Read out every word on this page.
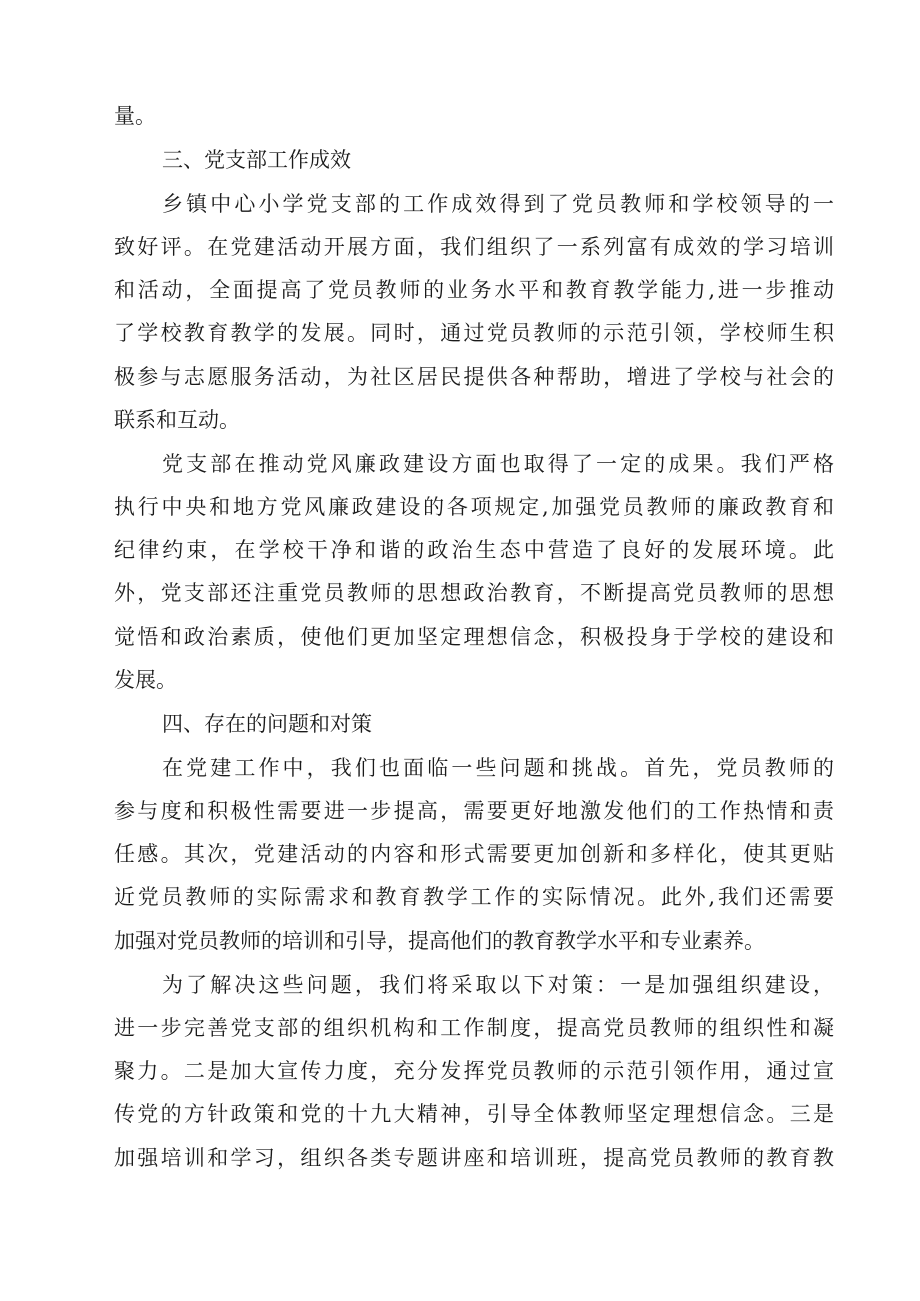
量。
三、党支部工作成效
乡镇中心小学党支部的工作成效得到了党员教师和学校领导的一
致好评。在党建活动开展方面，我们组织了一系列富有成效的学习培训
和活动，全面提高了党员教师的业务水平和教育教学能力,进一步推动
了学校教育教学的发展。同时，通过党员教师的示范引领，学校师生积
极参与志愿服务活动，为社区居民提供各种帮助，增进了学校与社会的
联系和互动。
党支部在推动党风廉政建设方面也取得了一定的成果。我们严格
执行中央和地方党风廉政建设的各项规定,加强党员教师的廉政教育和
纪律约束，在学校干净和谐的政治生态中营造了良好的发展环境。此
外，党支部还注重党员教师的思想政治教育，不断提高党员教师的思想
觉悟和政治素质，使他们更加坚定理想信念，积极投身于学校的建设和
发展。
四、存在的问题和对策
在党建工作中，我们也面临一些问题和挑战。首先，党员教师的
参与度和积极性需要进一步提高，需要更好地激发他们的工作热情和责
任感。其次，党建活动的内容和形式需要更加创新和多样化，使其更贴
近党员教师的实际需求和教育教学工作的实际情况。此外,我们还需要
加强对党员教师的培训和引导，提高他们的教育教学水平和专业素养。
为了解决这些问题，我们将采取以下对策：一是加强组织建设，
进一步完善党支部的组织机构和工作制度，提高党员教师的组织性和凝
聚力。二是加大宣传力度，充分发挥党员教师的示范引领作用，通过宣
传党的方针政策和党的十九大精神，引导全体教师坚定理想信念。三是
加强培训和学习，组织各类专题讲座和培训班，提高党员教师的教育教
